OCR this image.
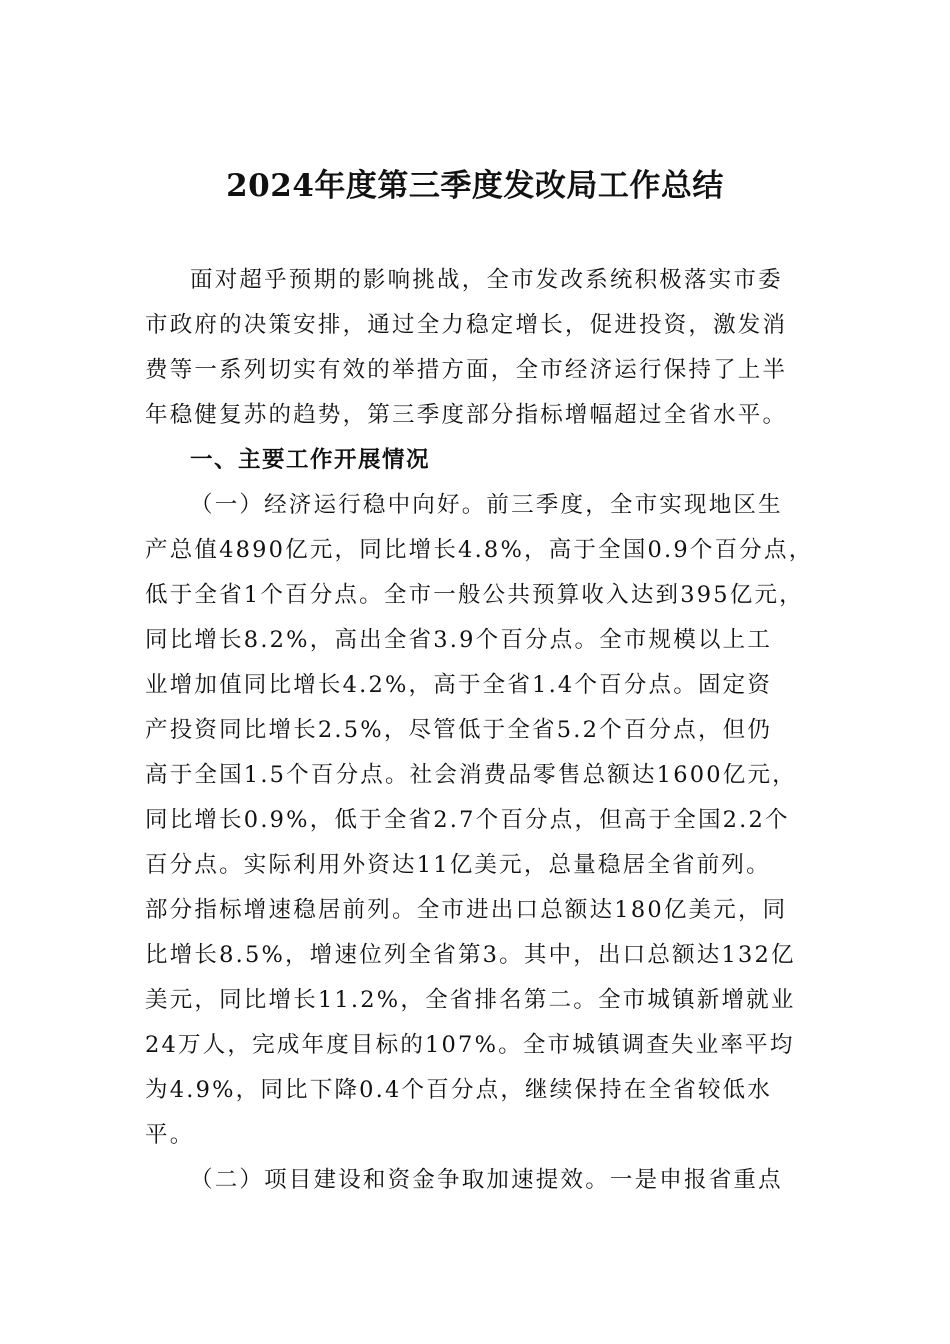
2024年度第三季度发改局工作总结

面对超乎预期的影响挑战，全市发改系统积极落实市委
市政府的决策安排，通过全力稳定增长，促进投资，激发消
费等一系列切实有效的举措方面，全市经济运行保持了上半
年稳健复苏的趋势，第三季度部分指标增幅超过全省水平。

一、主要工作开展情况

（一）经济运行稳中向好。前三季度，全市实现地区生
产总值4890亿元，同比增长4.8%，高于全国0.9个百分点，
低于全省1个百分点。全市一般公共预算收入达到395亿元，
同比增长8.2%，高出全省3.9个百分点。全市规模以上工
业增加值同比增长4.2%，高于全省1.4个百分点。固定资
产投资同比增长2.5%，尽管低于全省5.2个百分点，但仍
高于全国1.5个百分点。社会消费品零售总额达1600亿元，
同比增长0.9%，低于全省2.7个百分点，但高于全国2.2个
百分点。实际利用外资达11亿美元，总量稳居全省前列。
部分指标增速稳居前列。全市进出口总额达180亿美元，同
比增长8.5%，增速位列全省第3。其中，出口总额达132亿
美元，同比增长11.2%，全省排名第二。全市城镇新增就业
24万人，完成年度目标的107%。全市城镇调查失业率平均
为4.9%，同比下降0.4个百分点，继续保持在全省较低水
平。

（二）项目建设和资金争取加速提效。一是申报省重点
